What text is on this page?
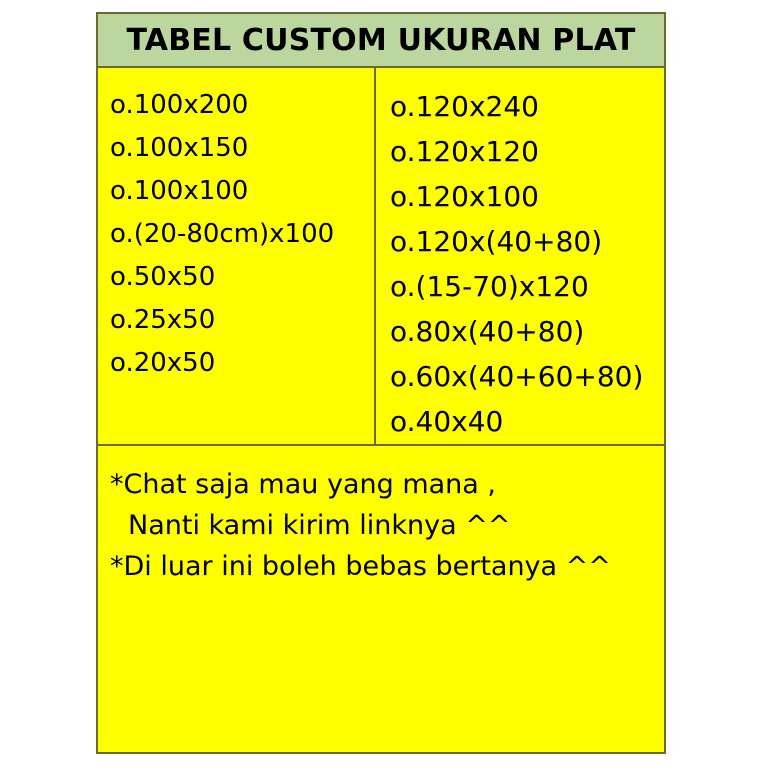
TABEL CUSTOM UKURAN PLAT
o.100x200
o.100x150
o.100x100
o.(20-80cm)x100
o.50x50
o.25x50
o.20x50
o.120x240
o.120x120
o.120x100
o.120x(40+80)
o.(15-70)x120
o.80x(40+80)
o.60x(40+60+80)
o.40x40
*Chat saja mau yang mana ,
Nanti kami kirim linknya ^^
*Di luar ini boleh bebas bertanya ^^
